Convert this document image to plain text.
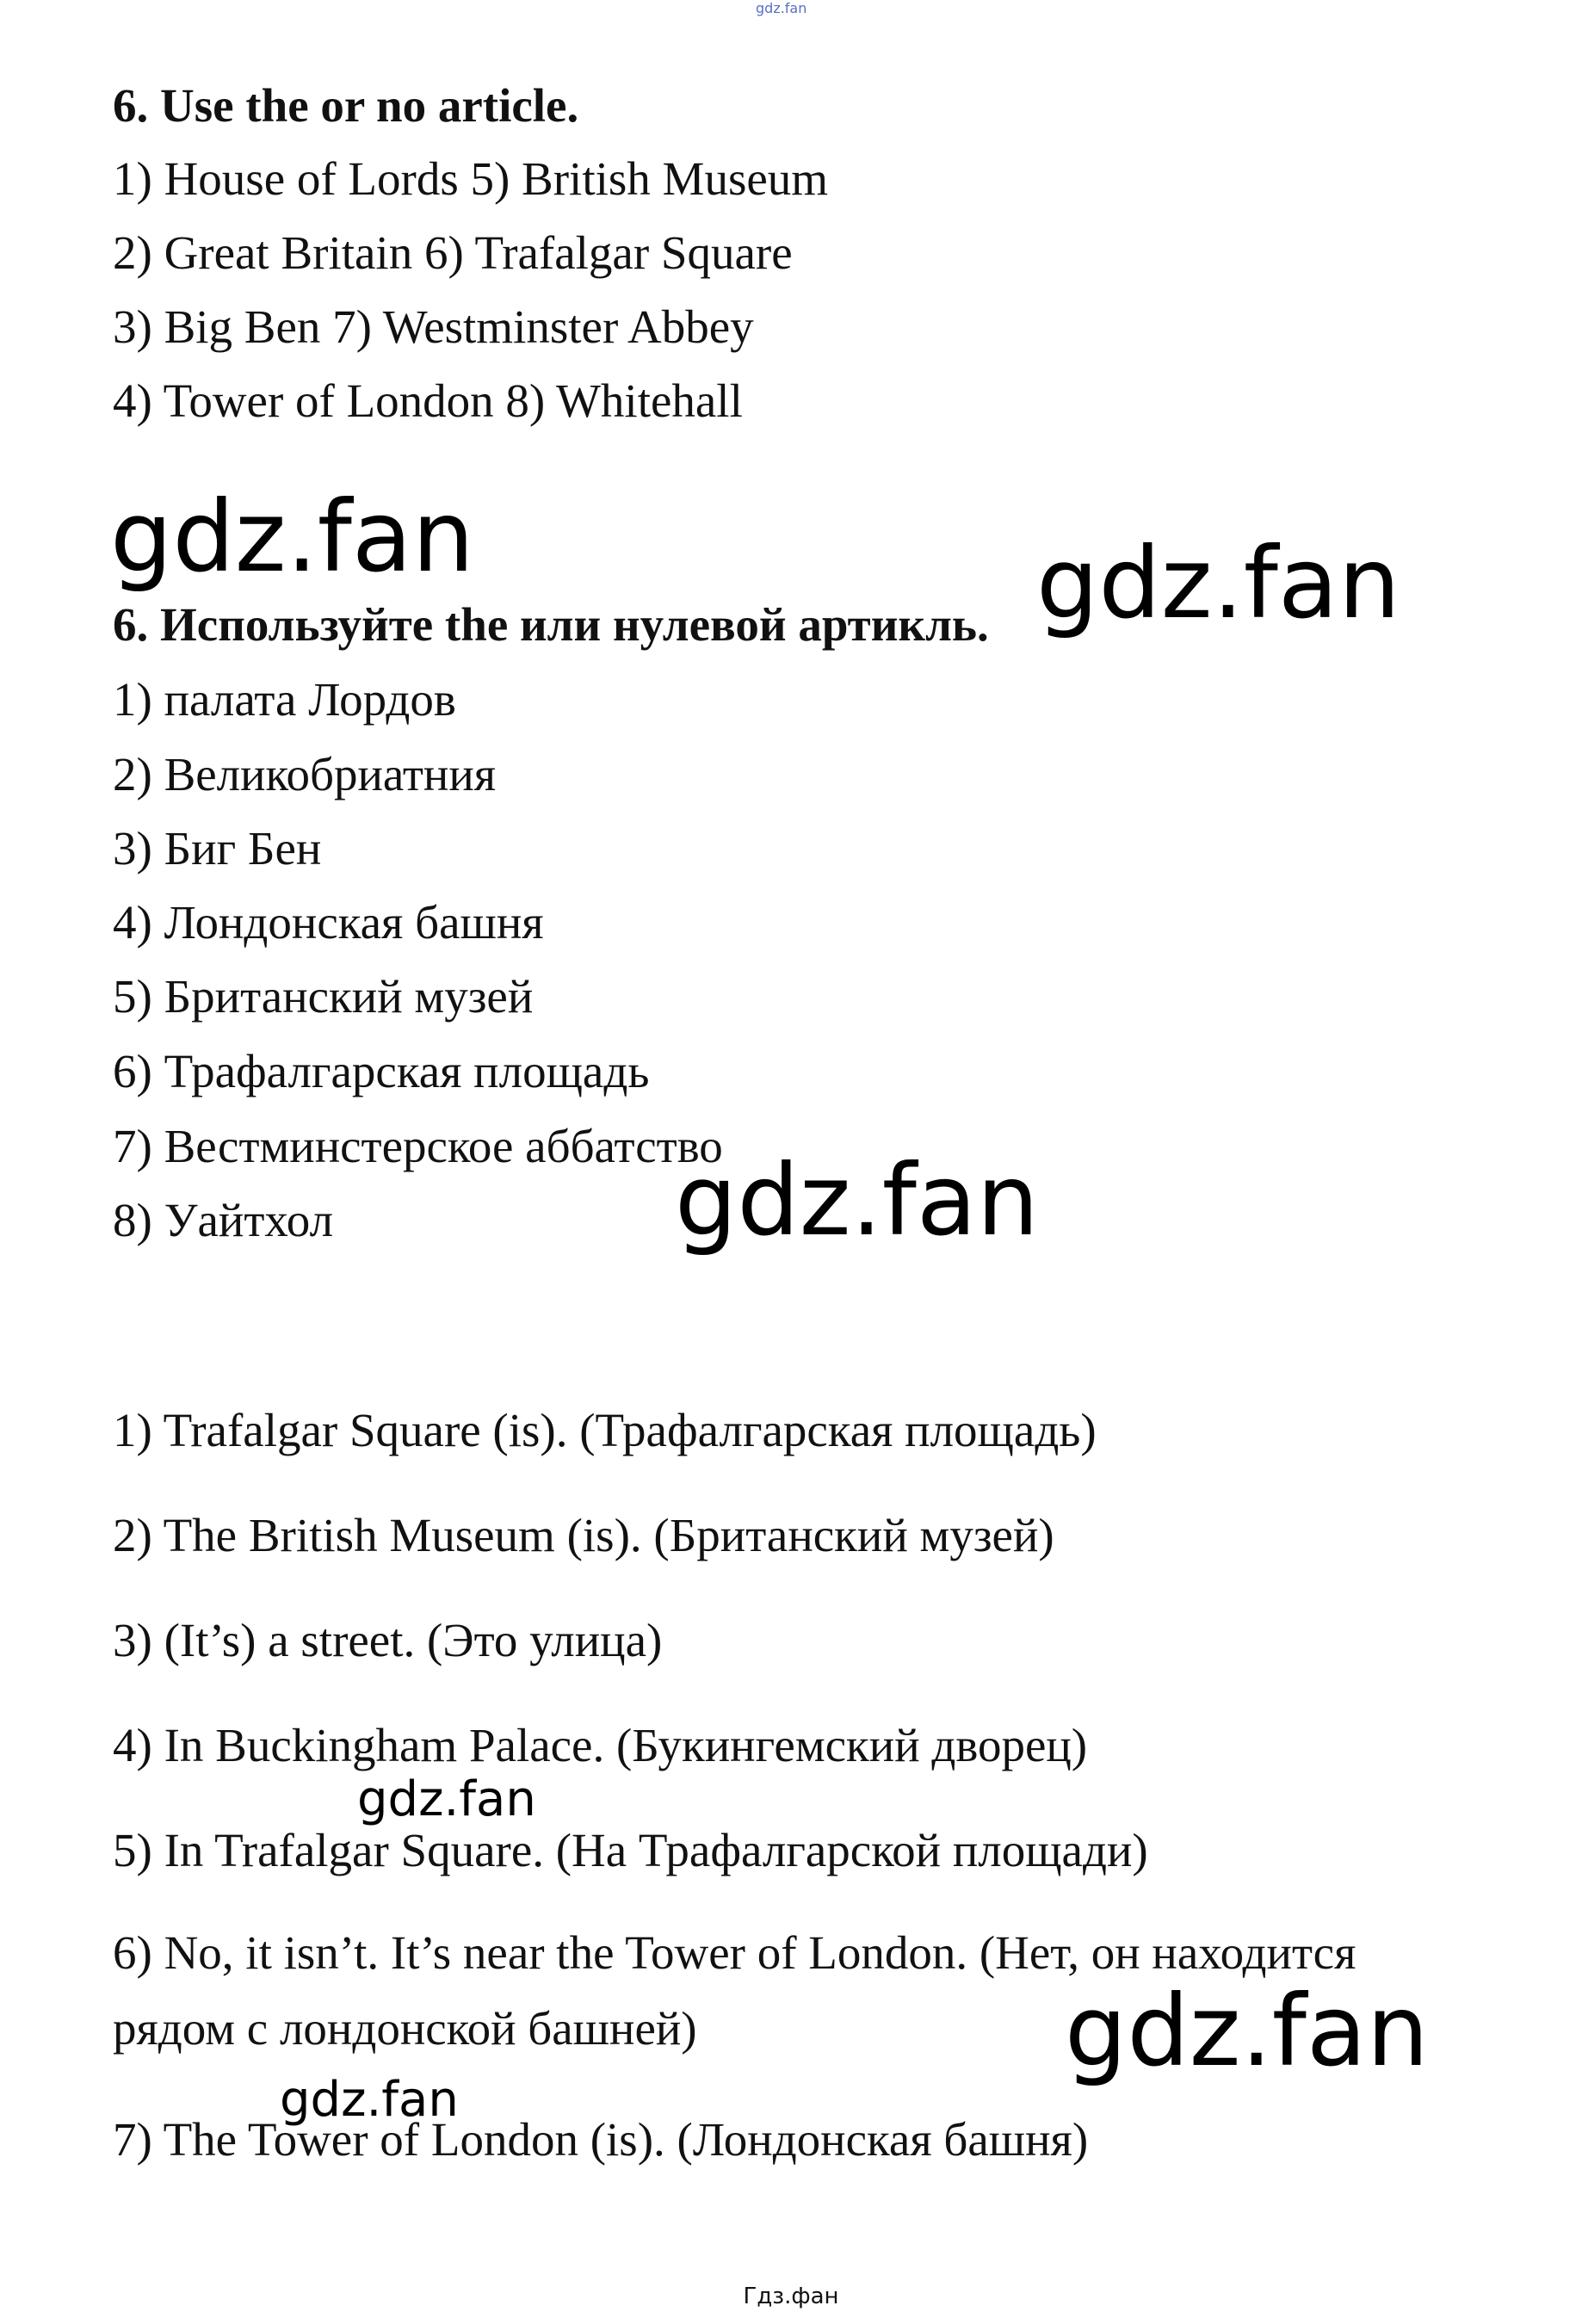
gdz.fan
6. Use the or no article.
1) House of Lords 5) British Museum
2) Great Britain 6) Trafalgar Square
3) Big Ben 7) Westminster Abbey
4) Tower of London 8) Whitehall
6. Используйте the или нулевой артикль.
1) палата Лордов
2) Великобриатния
3) Биг Бен
4) Лондонская башня
5) Британский музей
6) Трафалгарская площадь
7) Вестминстерское аббатство
8) Уайтхол
1) Trafalgar Square (is). (Трафалгарская площадь)
2) The British Museum (is). (Британский музей)
3) (It’s) a street. (Это улица)
4) In Buckingham Palace. (Букингемский дворец)
5) In Trafalgar Square. (На Трафалгарской площади)
6) No, it isn’t. It’s near the Tower of London. (Нет, он находится рядом с лондонской башней)
7) The Tower of London (is). (Лондонская башня)
gdz.fan	gdz.fan
gdz.fan
gdz.fan
gdz.fan
gdz.fan
Гдз.фан
